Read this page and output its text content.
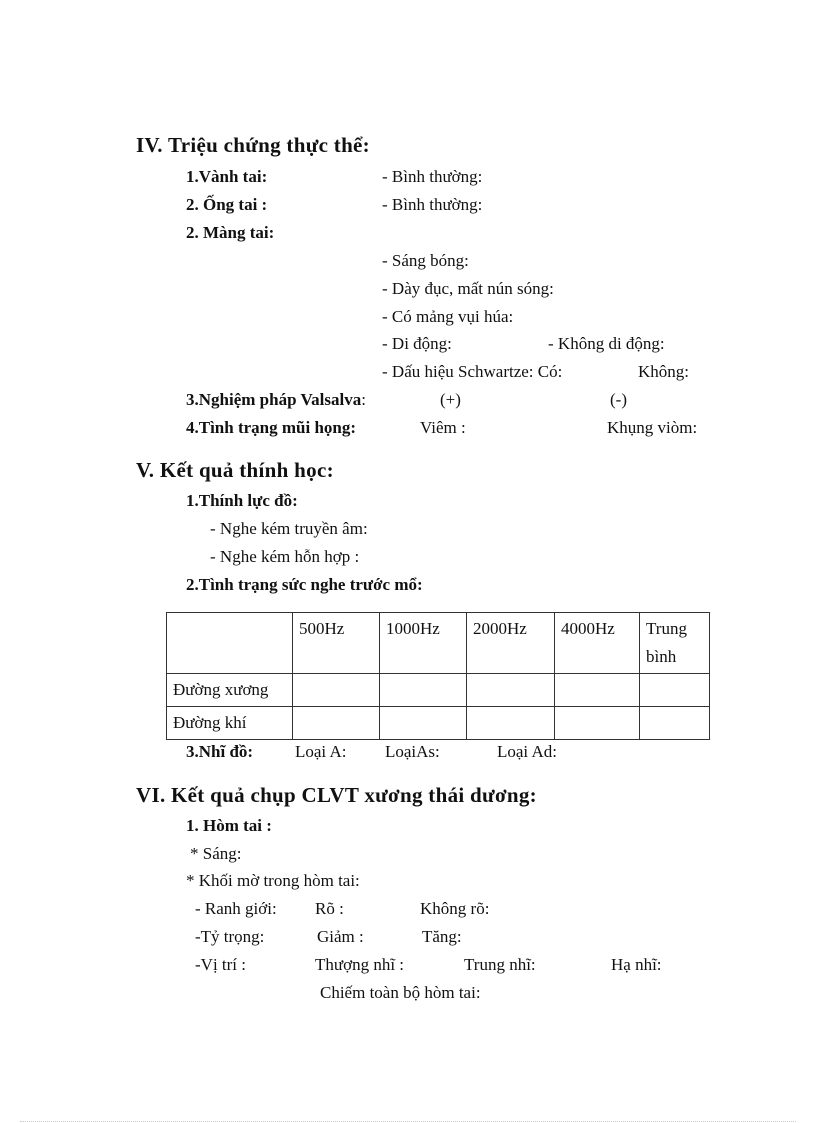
IV. Triệu chứng thực thể:
1.Vành tai:	- Bình thường:
2. Ống tai :	- Bình thường:
2. Màng tai:
- Sáng bóng:
- Dày đục, mất nún sóng:
- Có mảng vụi húa:
- Di động:	- Không di động:
- Dấu hiệu Schwartze: Có:	Không:
3.Nghiệm pháp Valsalva:	(+)	(-)
4.Tình trạng mũi họng:	Viêm :	Khụng viòm:
V. Kết quả thính học:
1.Thính lực đồ:
- Nghe kém truyền âm:
- Nghe kém hỗn hợp :
2.Tình trạng sức nghe trước mổ:
	500Hz	1000Hz	2000Hz	4000Hz	Trung bình
Đường xương					
Đường khí					
3.Nhĩ đồ: Loại A: LoạiAs:	Loại Ad:
VI. Kết quả chụp CLVT xương thái dương:
1. Hòm tai :
* Sáng:
* Khối mờ trong hòm tai:
- Ranh giới: Rõ :	Không rõ:
-Tỷ trọng:	Giảm :	Tăng:
-Vị trí :	Thượng nhĩ :	Trung nhĩ:	Hạ nhĩ:
Chiếm toàn bộ hòm tai:
